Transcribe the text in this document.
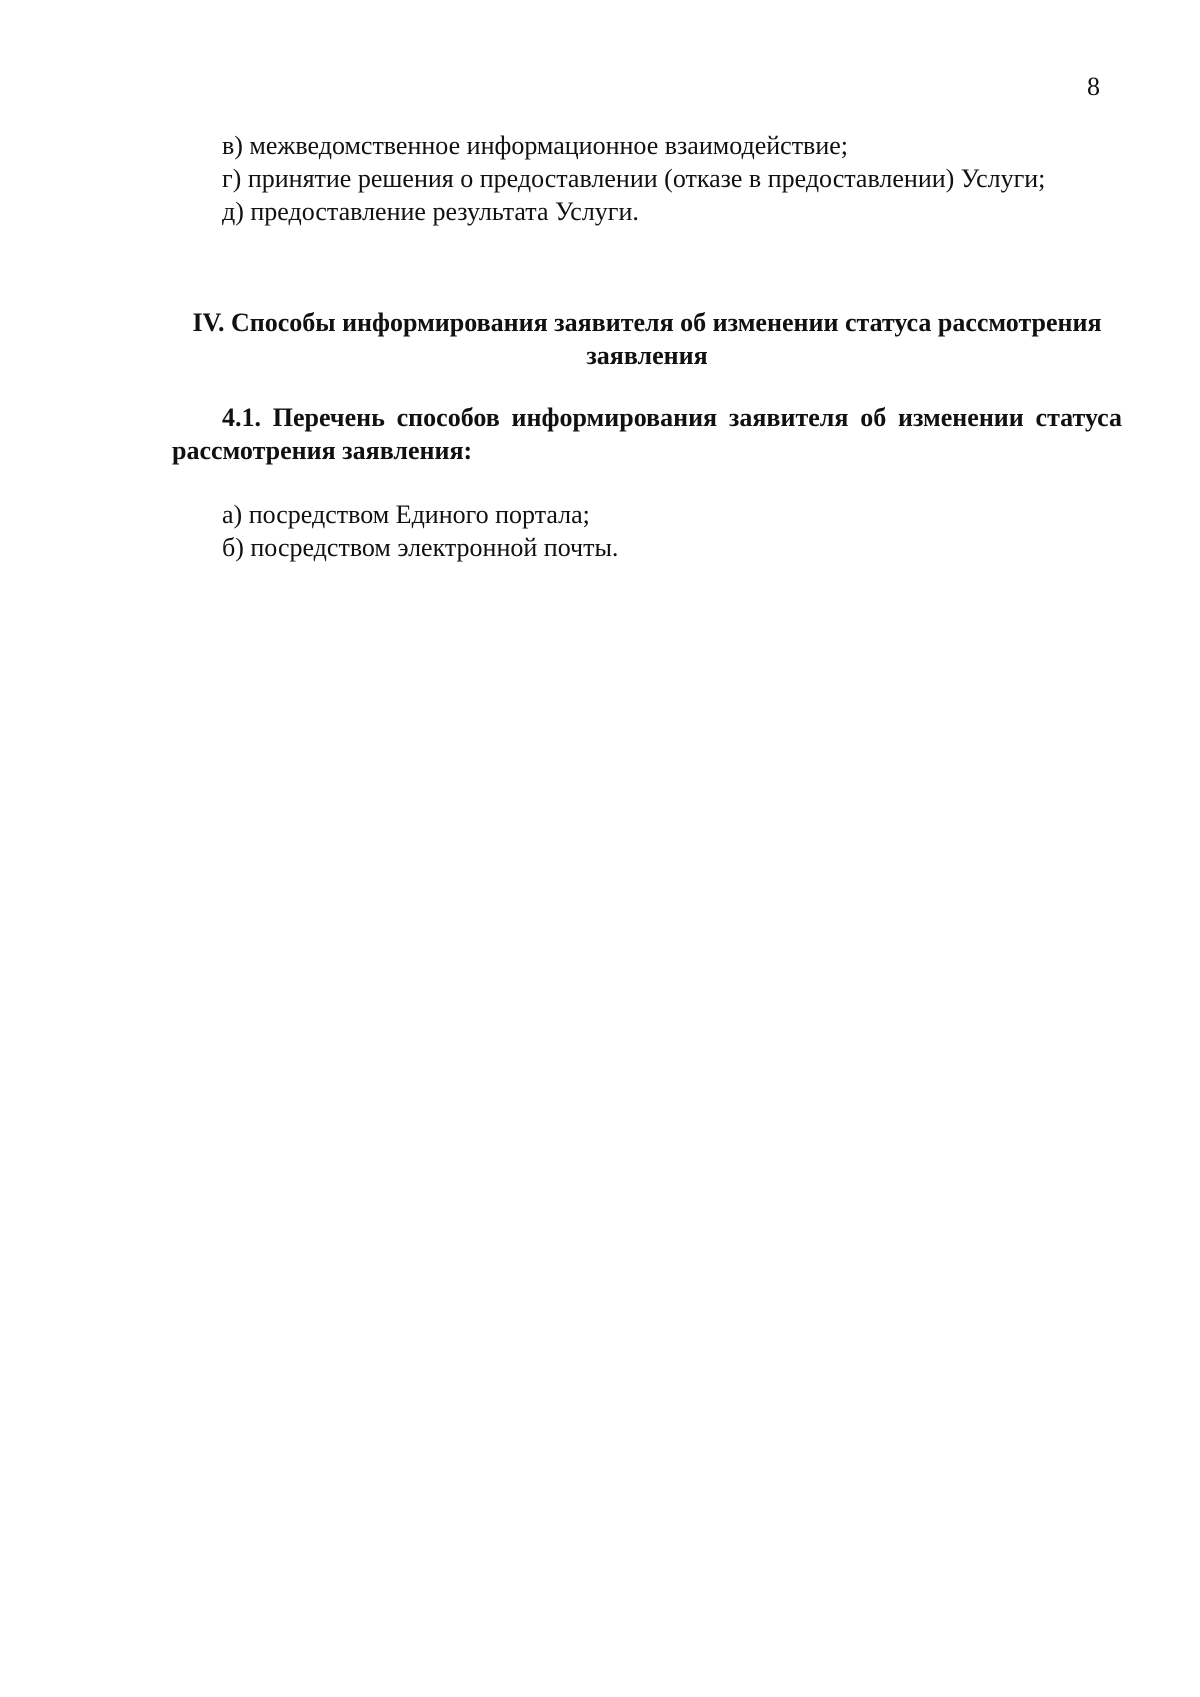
8

в) межведомственное информационное взаимодействие;

г) принятие решения о предоставлении (отказе в предоставлении) Услуги;

д) предоставление результата Услуги.

IV. Способы информирования заявителя об изменении статуса рассмотрения заявления
4.1. Перечень способов информирования заявителя об изменении статуса рассмотрения заявления:

а) посредством Единого портала;

б) посредством электронной почты.
